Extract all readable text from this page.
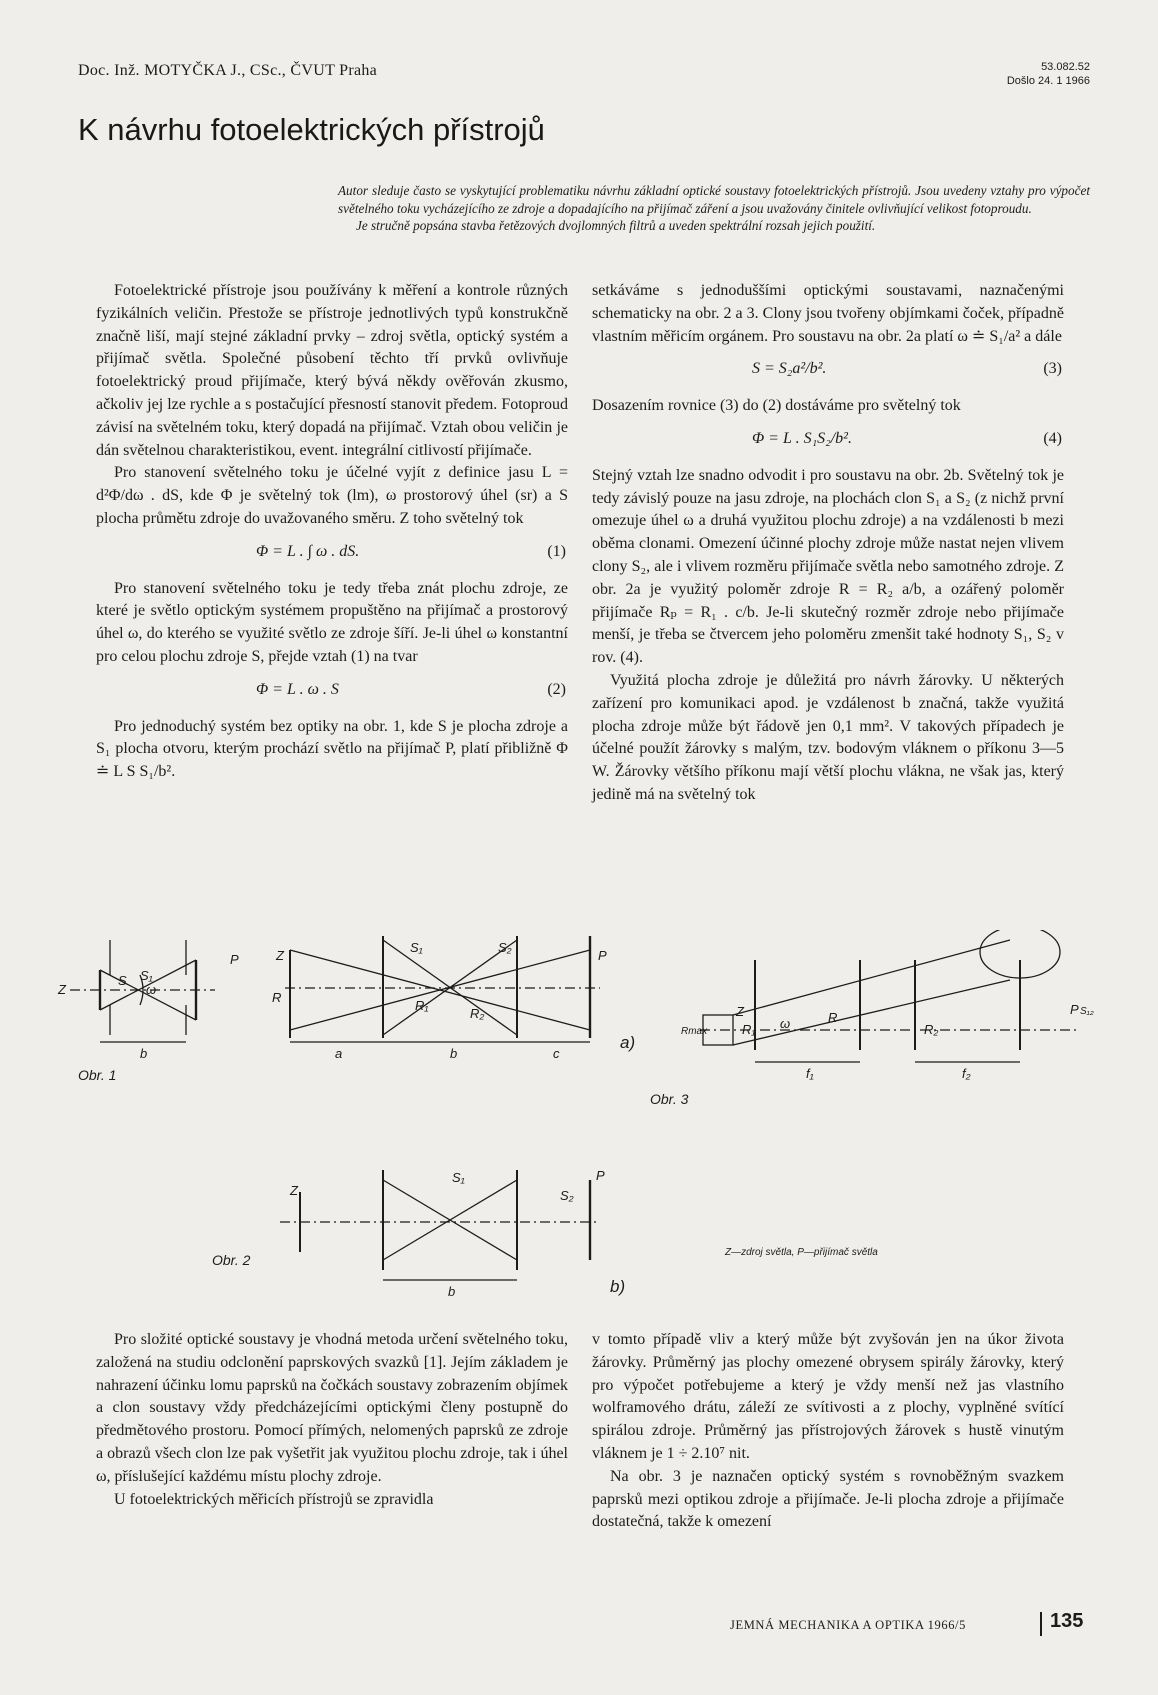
Doc. Inž. MOTYČKA J., CSc., ČVUT Praha	53.082.52
Došlo 24. 1 1966
K návrhu fotoelektrických přístrojů

Autor sleduje často se vyskytující problematiku návrhu základní optické soustavy fotoelektrických přístrojů. Jsou uvedeny vztahy pro výpočet světelného toku vycházejícího ze zdroje a dopadajícího na přijímač záření a jsou uvažovány činitele ovlivňující velikost fotoproudu.

Je stručně popsána stavba řetězových dvojlomných filtrů a uveden spektrální rozsah jejich použití.

Fotoelektrické přístroje jsou používány k měření a kontrole různých fyzikálních veličin. Přestože se přístroje jednotlivých typů konstrukčně značně liší, mají stejné základní prvky – zdroj světla, optický systém a přijímač světla. Společné působení těchto tří prvků ovlivňuje fotoelektrický proud přijímače, který bývá někdy ověřován zkusmo, ačkoliv jej lze rychle a s postačující přesností stanovit předem. Fotoproud závisí na světelném toku, který dopadá na přijímač. Vztah obou veličin je dán světelnou charakteristikou, event. integrální citlivostí přijímače.

Pro stanovení světelného toku je účelné vyjít z definice jasu L = d²Φ/dω . dS, kde Φ je světelný tok (lm), ω prostorový úhel (sr) a S plocha průmětu zdroje do uvažovaného směru. Z toho světelný tok

Φ = L . ∫ ω . dS.	(1)

Pro stanovení světelného toku je tedy třeba znát plochu zdroje, ze které je světlo optickým systémem propuštěno na přijímač a prostorový úhel ω, do kterého se využité světlo ze zdroje šíří. Je-li úhel ω konstantní pro celou plochu zdroje S, přejde vztah (1) na tvar

Φ = L . ω . S	(2)

Pro jednoduchý systém bez optiky na obr. 1, kde S je plocha zdroje a S₁ plocha otvoru, kterým prochází světlo na přijímač P, platí přibližně Φ ≐ L S S₁/b².

setkáváme s jednoduššími optickými soustavami, naznačenými schematicky na obr. 2 a 3. Clony jsou tvořeny objímkami čoček, případně vlastním měřicím orgánem. Pro soustavu na obr. 2a platí ω ≐ S₁/a² a dále

S = S₂a²/b².	(3)

Dosazením rovnice (3) do (2) dostáváme pro světelný tok

Φ = L . S₁S₂/b².	(4)

Stejný vztah lze snadno odvodit i pro soustavu na obr. 2b. Světelný tok je tedy závislý pouze na jasu zdroje, na plochách clon S₁ a S₂ (z nichž první omezuje úhel ω a druhá využitou plochu zdroje) a na vzdálenosti b mezi oběma clonami. Omezení účinné plochy zdroje může nastat nejen vlivem clony S₂, ale i vlivem rozměru přijímače světla nebo samotného zdroje. Z obr. 2a je využitý poloměr zdroje R = R₂ a/b, a ozářený poloměr přijímače Rₚ = R₁ . c/b. Je-li skutečný rozměr zdroje nebo přijímače menší, je třeba se čtvercem jeho poloměru zmenšit také hodnoty S₁, S₂ v rov. (4).

Využitá plocha zdroje je důležitá pro návrh žárovky. U některých zařízení pro komunikaci apod. je vzdálenost b značná, takže využitá plocha zdroje může být řádově jen 0,1 mm². V takových případech je účelné použít žárovky s malým, tzv. bodovým vláknem o příkonu 3—5 W. Žárovky většího příkonu mají větší plochu vlákna, ne však jas, který jedině má na světelný tok

Z
S S₁
P
ω
b
Obr. 1
Z
S₁	S₂
P
R
R₁
R₂
a	b	c
a)
Z
S₁
S₂
P
b	b)
Obr. 2
Z	P
Rmax
R
R₁	R₂
ω
S₁₂
f₁	f₂
Obr. 3
Z—zdroj světla, P—přijímač světla

Pro složité optické soustavy je vhodná metoda určení světelného toku, založená na studiu odclonění paprskových svazků [1]. Jejím základem je nahrazení účinku lomu paprsků na čočkách soustavy zobrazením objímek a clon soustavy vždy předcházejícími optickými členy postupně do předmětového prostoru. Pomocí přímých, nelomených paprsků ze zdroje a obrazů všech clon lze pak vyšetřit jak využitou plochu zdroje, tak i úhel ω, příslušející každému místu plochy zdroje.

U fotoelektrických měřicích přístrojů se zpravidla

v tomto případě vliv a který může být zvyšován jen na úkor života žárovky. Průměrný jas plochy omezené obrysem spirály žárovky, který pro výpočet potřebujeme a který je vždy menší než jas vlastního wolframového drátu, záleží ze svítivosti a z plochy, vyplněné svítící spirálou zdroje. Průměrný jas přístrojových žárovek s hustě vinutým vláknem je 1 ÷ 2.10⁷ nit.

Na obr. 3 je naznačen optický systém s rovnoběžným svazkem paprsků mezi optikou zdroje a přijímače. Je-li plocha zdroje a přijímače dostatečná, takže k omezení

JEMNÁ MECHANIKA A OPTIKA 1966/5	135
